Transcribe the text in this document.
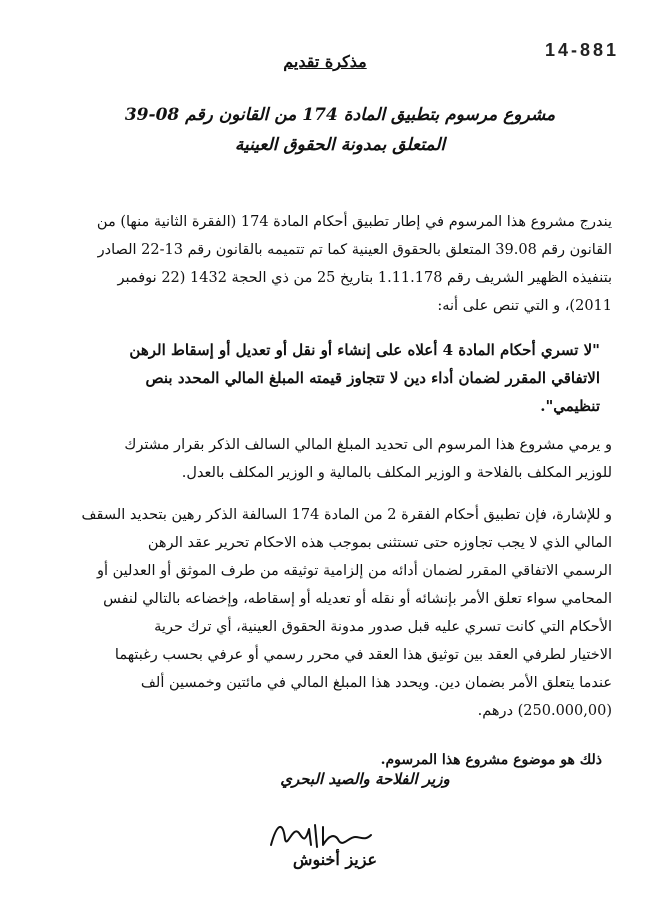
14-881
مذكرة تقديم
مشروع مرسوم بتطبيق المادة 174 من القانون رقم 08-39
المتعلق بمدونة الحقوق العينية

يندرج مشروع هذا المرسوم في إطار تطبيق أحكام المادة 174 (الفقرة الثانية منها) من
القانون رقم 39.08 المتعلق بالحقوق العينية كما تم تتميمه بالقانون رقم 13-22 الصادر
بتنفيذه الظهير الشريف رقم 1.11.178 بتاريخ 25 من ذي الحجة 1432 (22 نوفمبر
2011)، و التي تنص على أنه:

"لا تسري أحكام المادة 4 أعلاه على إنشاء أو نقل أو تعديل أو إسقاط الرهن
الاتفاقي المقرر لضمان أداء دين لا تتجاوز قيمته المبلغ المالي المحدد بنص
تنظيمي".

و يرمي مشروع هذا المرسوم الى تحديد المبلغ المالي السالف الذكر بقرار مشترك
للوزير المكلف بالفلاحة و الوزير المكلف بالمالية و الوزير المكلف بالعدل.

و للإشارة، فإن تطبيق أحكام الفقرة 2 من المادة 174 السالفة الذكر رهين بتحديد السقف
المالي الذي لا يجب تجاوزه حتى تستثنى بموجب هذه الاحكام تحرير عقد الرهن
الرسمي الاتفاقي المقرر لضمان أدائه من إلزامية توثيقه من طرف الموثق أو العدلين أو
المحامي سواء تعلق الأمر بإنشائه أو نقله أو تعديله أو إسقاطه، وإخضاعه بالتالي لنفس
الأحكام التي كانت تسري عليه قبل صدور مدونة الحقوق العينية، أي ترك حرية
الاختيار لطرفي العقد بين توثيق هذا العقد في محرر رسمي أو عرفي بحسب رغبتهما
عندما يتعلق الأمر بضمان دين. ويحدد هذا المبلغ المالي في مائتين وخمسين ألف
(250.000,00) درهم.

ذلك هو موضوع مشروع هذا المرسوم.
وزير الفلاحة والصيد البحري
عزيز أخنوش
